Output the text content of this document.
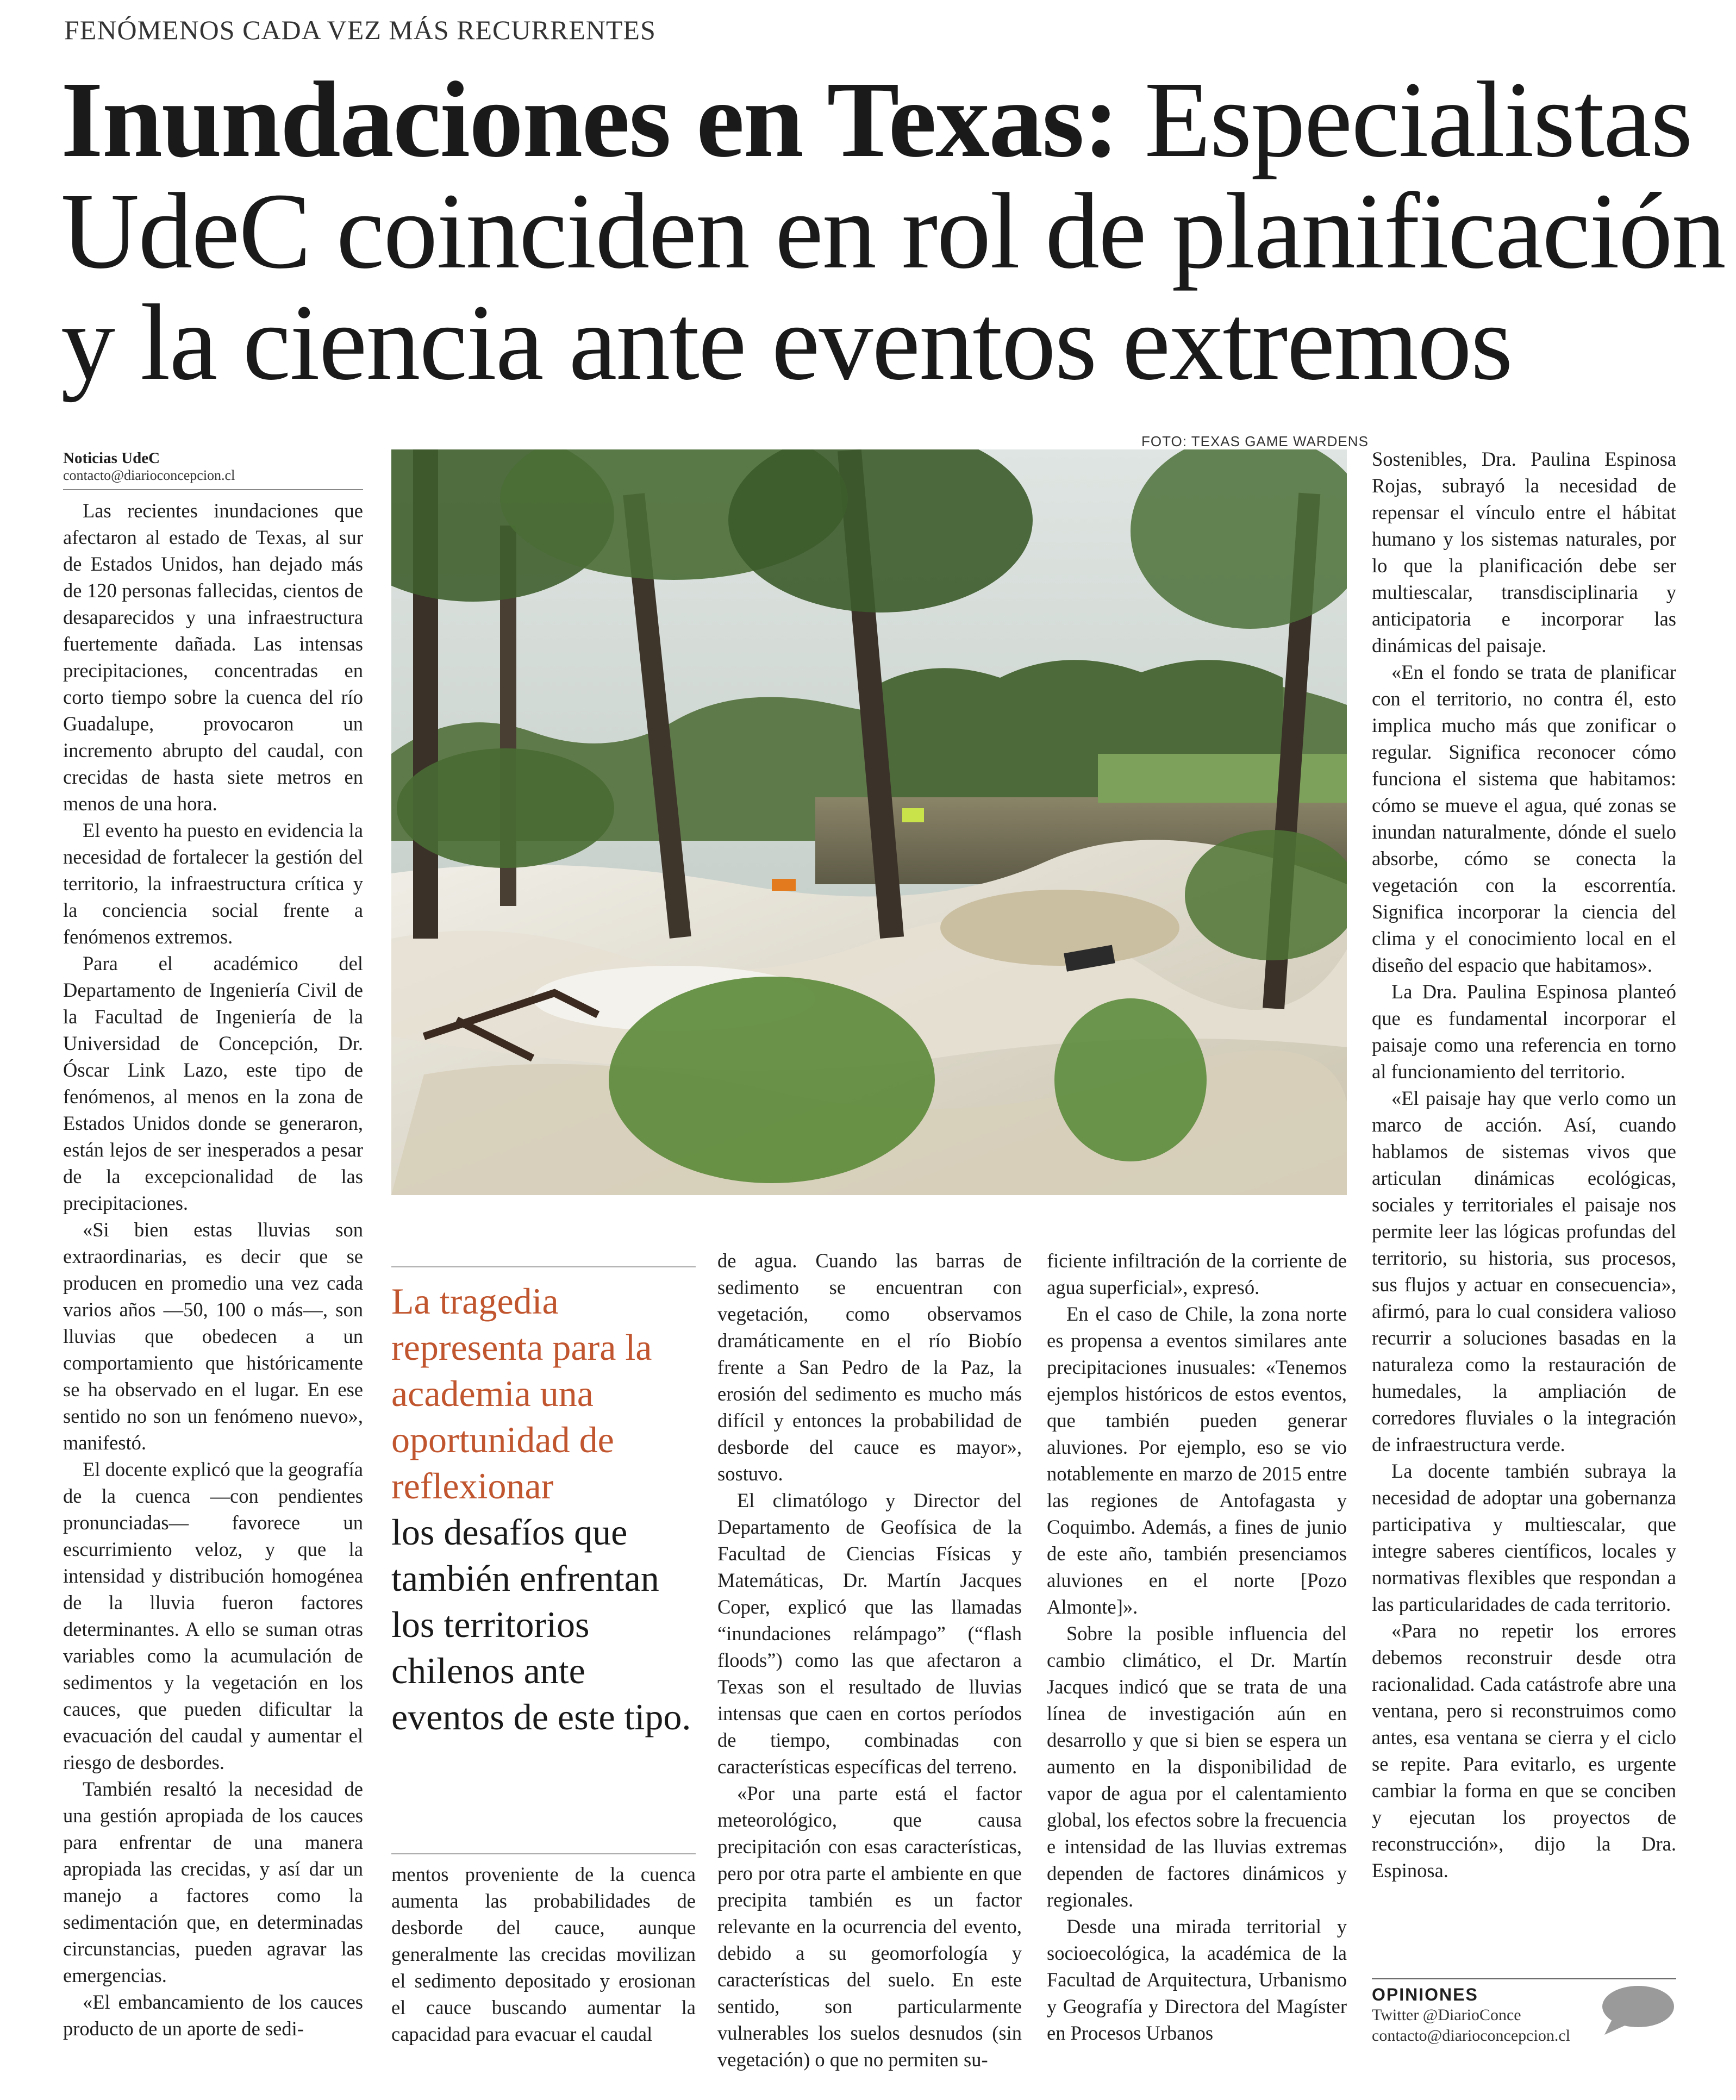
FENÓMENOS CADA VEZ MÁS RECURRENTES
Inundaciones en Texas: Especialistas
UdeC coinciden en rol de planificación
y la ciencia ante eventos extremos
Noticias UdeC
contacto@diarioconcepcion.cl
FOTO: TEXAS GAME WARDENS

Las recientes inundaciones que afectaron al estado de Texas, al sur de Estados Unidos, han dejado más de 120 personas fallecidas, cientos de desaparecidos y una infraestructura fuertemente dañada. Las intensas precipitaciones, concentradas en corto tiempo sobre la cuenca del río Guadalupe, provocaron un incremento abrupto del caudal, con crecidas de hasta siete metros en menos de una hora.

El evento ha puesto en evidencia la necesidad de fortalecer la gestión del territorio, la infraestructura crítica y la conciencia social frente a fenómenos extremos.

Para el académico del Departamento de Ingeniería Civil de la Facultad de Ingeniería de la Universidad de Concepción, Dr. Óscar Link Lazo, este tipo de fenómenos, al menos en la zona de Estados Unidos donde se generaron, están lejos de ser inesperados a pesar de la excepcionalidad de las precipitaciones.

«Si bien estas lluvias son extraordinarias, es decir que se producen en promedio una vez cada varios años —50, 100 o más—, son lluvias que obedecen a un comportamiento que históricamente se ha observado en el lugar. En ese sentido no son un fenómeno nuevo», manifestó.

El docente explicó que la geografía de la cuenca —con pendientes pronunciadas— favorece un escurrimiento veloz, y que la intensidad y distribución homogénea de la lluvia fueron factores determinantes. A ello se suman otras variables como la acumulación de sedimentos y la vegetación en los cauces, que pueden dificultar la evacuación del caudal y aumentar el riesgo de desbordes.

También resaltó la necesidad de una gestión apropiada de los cauces para enfrentar de una manera apropiada las crecidas, y así dar un manejo a factores como la sedimentación que, en determinadas circunstancias, pueden agravar las emergencias.

«El embancamiento de los cauces producto de un aporte de sedi-

La tragedia representa para la academia una oportunidad de reflexionar
los desafíos que también enfrentan los territorios chilenos ante eventos de este tipo.

mentos proveniente de la cuenca aumenta las probabilidades de desborde del cauce, aunque generalmente las crecidas movilizan el sedimento depositado y erosionan el cauce buscando aumentar la capacidad para evacuar el caudal

de agua. Cuando las barras de sedimento se encuentran con vegetación, como observamos dramáticamente en el río Biobío frente a San Pedro de la Paz, la erosión del sedimento es mucho más difícil y entonces la probabilidad de desborde del cauce es mayor», sostuvo.

El climatólogo y Director del Departamento de Geofísica de la Facultad de Ciencias Físicas y Matemáticas, Dr. Martín Jacques Coper, explicó que las llamadas “inundaciones relámpago” (“flash floods”) como las que afectaron a Texas son el resultado de lluvias intensas que caen en cortos períodos de tiempo, combinadas con características específicas del terreno.

«Por una parte está el factor meteorológico, que causa precipitación con esas características, pero por otra parte el ambiente en que precipita también es un factor relevante en la ocurrencia del evento, debido a su geomorfología y características del suelo. En este sentido, son particularmente vulnerables los suelos desnudos (sin vegetación) o que no permiten su-

ficiente infiltración de la corriente de agua superficial», expresó.

En el caso de Chile, la zona norte es propensa a eventos similares ante precipitaciones inusuales: «Tenemos ejemplos históricos de estos eventos, que también pueden generar aluviones. Por ejemplo, eso se vio notablemente en marzo de 2015 entre las regiones de Antofagasta y Coquimbo. Además, a fines de junio de este año, también presenciamos aluviones en el norte [Pozo Almonte]».

Sobre la posible influencia del cambio climático, el Dr. Martín Jacques indicó que se trata de una línea de investigación aún en desarrollo y que si bien se espera un aumento en la disponibilidad de vapor de agua por el calentamiento global, los efectos sobre la frecuencia e intensidad de las lluvias extremas dependen de factores dinámicos y regionales.

Desde una mirada territorial y socioecológica, la académica de la Facultad de Arquitectura, Urbanismo y Geografía y Directora del Magíster en Procesos Urbanos

Sostenibles, Dra. Paulina Espinosa Rojas, subrayó la necesidad de repensar el vínculo entre el hábitat humano y los sistemas naturales, por lo que la planificación debe ser multiescalar, transdisciplinaria y anticipatoria e incorporar las dinámicas del paisaje.

«En el fondo se trata de planificar con el territorio, no contra él, esto implica mucho más que zonificar o regular. Significa reconocer cómo funciona el sistema que habitamos: cómo se mueve el agua, qué zonas se inundan naturalmente, dónde el suelo absorbe, cómo se conecta la vegetación con la escorrentía. Significa incorporar la ciencia del clima y el conocimiento local en el diseño del espacio que habitamos».

La Dra. Paulina Espinosa planteó que es fundamental incorporar el paisaje como una referencia en torno al funcionamiento del territorio.

«El paisaje hay que verlo como un marco de acción. Así, cuando hablamos de sistemas vivos que articulan dinámicas ecológicas, sociales y territoriales el paisaje nos permite leer las lógicas profundas del territorio, su historia, sus procesos, sus flujos y actuar en consecuencia», afirmó, para lo cual considera valioso recurrir a soluciones basadas en la naturaleza como la restauración de humedales, la ampliación de corredores fluviales o la integración de infraestructura verde.

La docente también subraya la necesidad de adoptar una gobernanza participativa y multiescalar, que integre saberes científicos, locales y normativas flexibles que respondan a las particularidades de cada territorio.

«Para no repetir los errores debemos reconstruir desde otra racionalidad. Cada catástrofe abre una ventana, pero si reconstruimos como antes, esa ventana se cierra y el ciclo se repite. Para evitarlo, es urgente cambiar la forma en que se conciben y ejecutan los proyectos de reconstrucción», dijo la Dra. Espinosa.

OPINIONES
Twitter @DiarioConce
contacto@diarioconcepcion.cl
